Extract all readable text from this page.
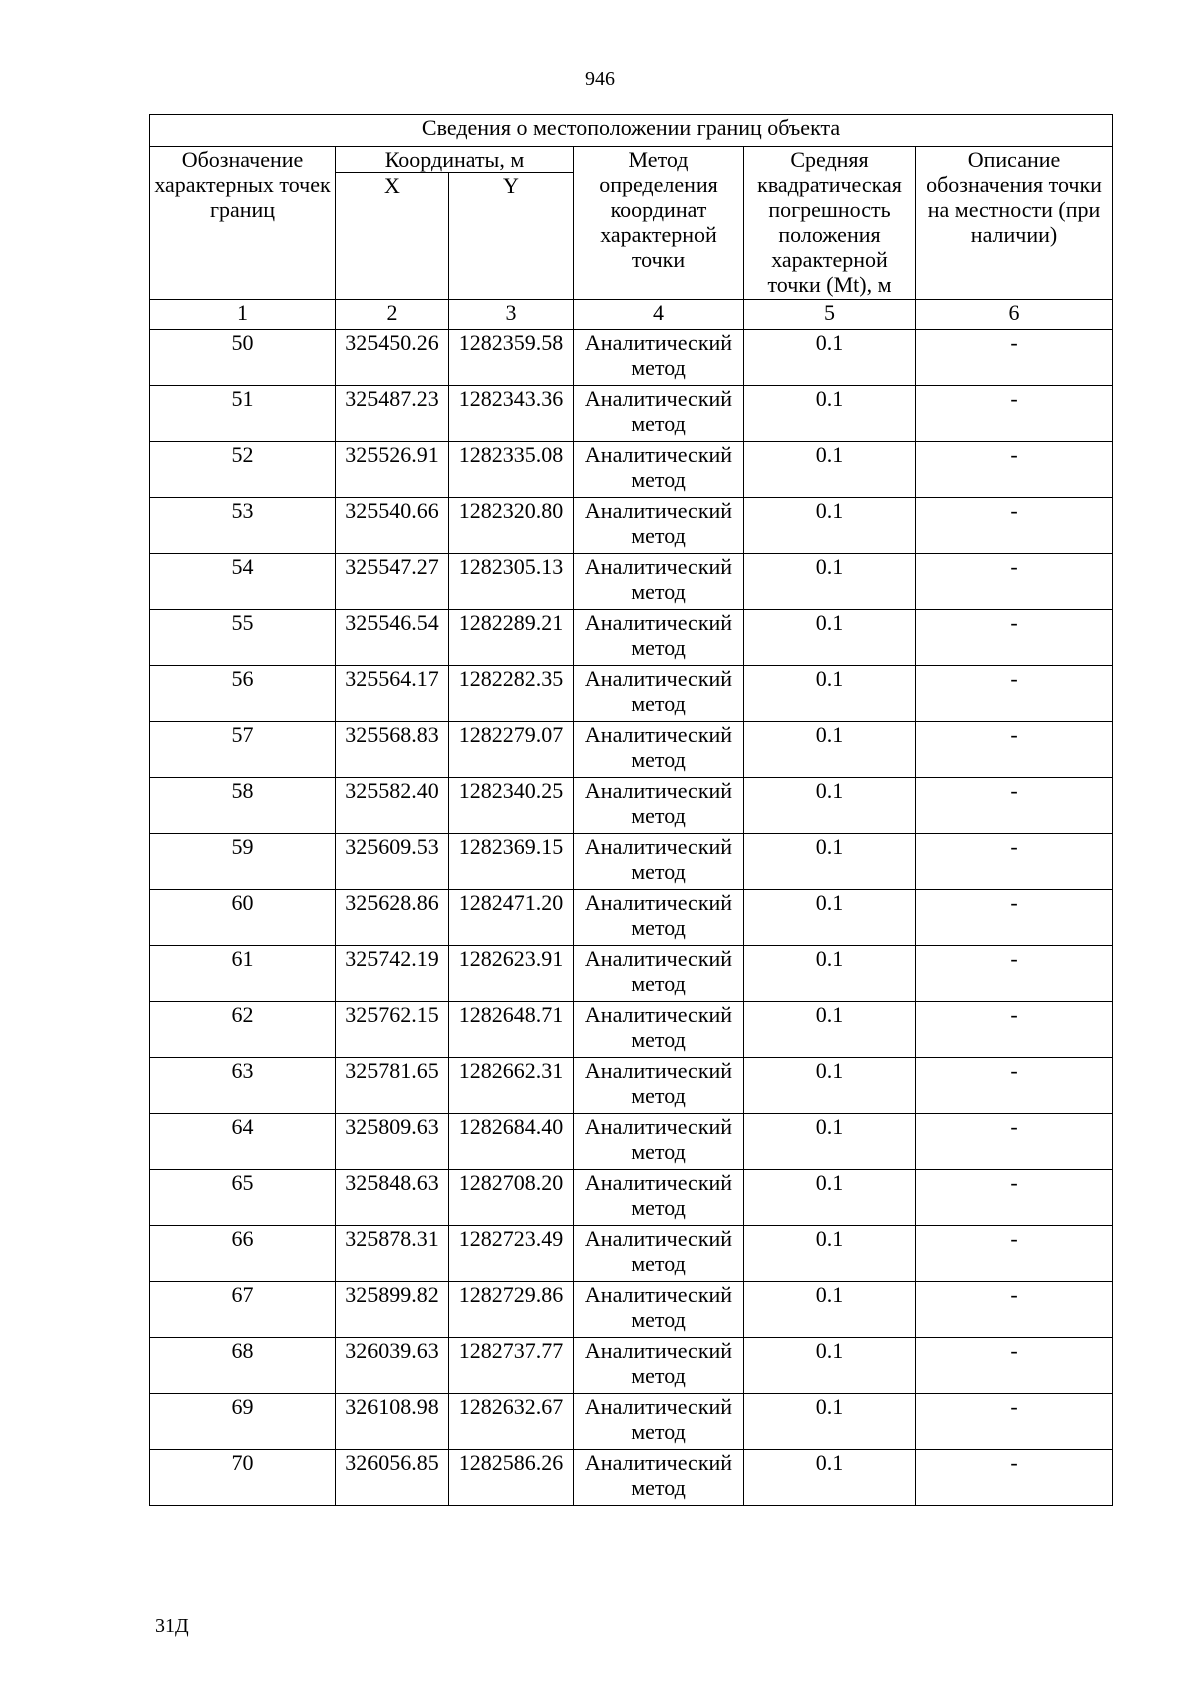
946
Сведения о местоположении границ объекта					
Обозначение характерных точек границ	Координаты, м		Метод определения координат характерной точки	Средняя квадратическая погрешность положения характерной точки (Mt), м	Описание обозначения точки на местности (при наличии)
	X	Y			
1	2	3	4	5	6
50	325450.26	1282359.58	Аналитический метод	0.1	-
51	325487.23	1282343.36	Аналитический метод	0.1	-
52	325526.91	1282335.08	Аналитический метод	0.1	-
53	325540.66	1282320.80	Аналитический метод	0.1	-
54	325547.27	1282305.13	Аналитический метод	0.1	-
55	325546.54	1282289.21	Аналитический метод	0.1	-
56	325564.17	1282282.35	Аналитический метод	0.1	-
57	325568.83	1282279.07	Аналитический метод	0.1	-
58	325582.40	1282340.25	Аналитический метод	0.1	-
59	325609.53	1282369.15	Аналитический метод	0.1	-
60	325628.86	1282471.20	Аналитический метод	0.1	-
61	325742.19	1282623.91	Аналитический метод	0.1	-
62	325762.15	1282648.71	Аналитический метод	0.1	-
63	325781.65	1282662.31	Аналитический метод	0.1	-
64	325809.63	1282684.40	Аналитический метод	0.1	-
65	325848.63	1282708.20	Аналитический метод	0.1	-
66	325878.31	1282723.49	Аналитический метод	0.1	-
67	325899.82	1282729.86	Аналитический метод	0.1	-
68	326039.63	1282737.77	Аналитический метод	0.1	-
69	326108.98	1282632.67	Аналитический метод	0.1	-
70	326056.85	1282586.26	Аналитический метод	0.1	-
31Д
